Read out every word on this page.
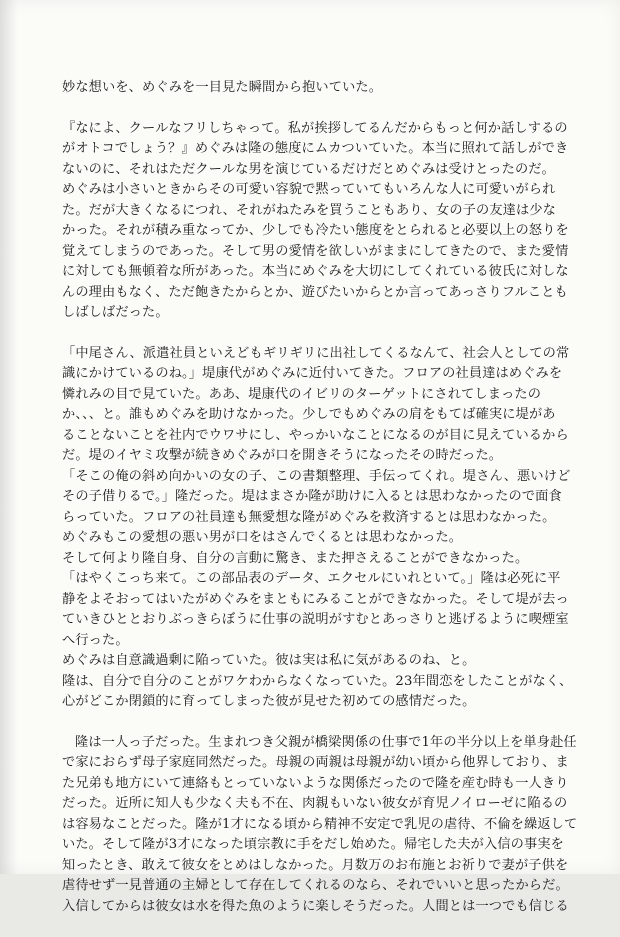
妙な想いを、めぐみを一目見た瞬間から抱いていた。

『なによ、クールなフリしちゃって。私が挨拶してるんだからもっと何か話しするの
がオトコでしょう？』めぐみは隆の態度にムカついていた。本当に照れて話しができ
ないのに、それはただクールな男を演じているだけだとめぐみは受けとったのだ。
めぐみは小さいときからその可愛い容貌で黙っていてもいろんな人に可愛いがられ
た。だが大きくなるにつれ、それがねたみを買うこともあり、女の子の友達は少な
かった。それが積み重なってか、少しでも冷たい態度をとられると必要以上の怒りを
覚えてしまうのであった。そして男の愛情を欲しいがままにしてきたので、また愛情
に対しても無頓着な所があった。本当にめぐみを大切にしてくれている彼氏に対しな
んの理由もなく、ただ飽きたからとか、遊びたいからとか言ってあっさりフルことも
しばしばだった。

「中尾さん、派遣社員といえどもギリギリに出社してくるなんて、社会人としての常
識にかけているのね。」堤康代がめぐみに近付いてきた。フロアの社員達はめぐみを
憐れみの目で見ていた。ああ、堤康代のイビリのターゲットにされてしまったの
か、、、と。誰もめぐみを助けなかった。少しでもめぐみの肩をもてば確実に堤があ
ることないことを社内でウワサにし、やっかいなことになるのが目に見えているから
だ。堤のイヤミ攻撃が続きめぐみが口を開きそうになったその時だった。
「そこの俺の斜め向かいの女の子、この書類整理、手伝ってくれ。堤さん、悪いけど
その子借りるで。」隆だった。堤はまさか隆が助けに入るとは思わなかったので面食
らっていた。フロアの社員達も無愛想な隆がめぐみを救済するとは思わなかった。
めぐみもこの愛想の悪い男が口をはさんでくるとは思わなかった。
そして何より隆自身、自分の言動に驚き、また押さえることができなかった。
「はやくこっち来て。この部品表のデータ、エクセルにいれといて。」隆は必死に平
静をよそおってはいたがめぐみをまともにみることができなかった。そして堤が去っ
ていきひととおりぶっきらぼうに仕事の説明がすむとあっさりと逃げるように喫煙室
へ行った。
めぐみは自意識過剰に陥っていた。彼は実は私に気があるのね、と。
隆は、自分で自分のことがワケわからなくなっていた。23年間恋をしたことがなく、
心がどこか閉鎖的に育ってしまった彼が見せた初めての感情だった。

隆は一人っ子だった。生まれつき父親が橋梁関係の仕事で1年の半分以上を単身赴任
で家におらず母子家庭同然だった。母親の両親は母親が幼い頃から他界しており、ま
た兄弟も地方にいて連絡もとっていないような関係だったので隆を産む時も一人きり
だった。近所に知人も少なく夫も不在、肉親もいない彼女が育児ノイローゼに陥るの
は容易なことだった。隆が1才になる頃から精神不安定で乳児の虐待、不倫を繰返して
いた。そして隆が3才になった頃宗教に手をだし始めた。帰宅した夫が入信の事実を
知ったとき、敢えて彼女をとめはしなかった。月数万のお布施とお祈りで妻が子供を
虐待せず一見普通の主婦として存在してくれるのなら、それでいいと思ったからだ。
入信してからは彼女は水を得た魚のように楽しそうだった。人間とは一つでも信じる
